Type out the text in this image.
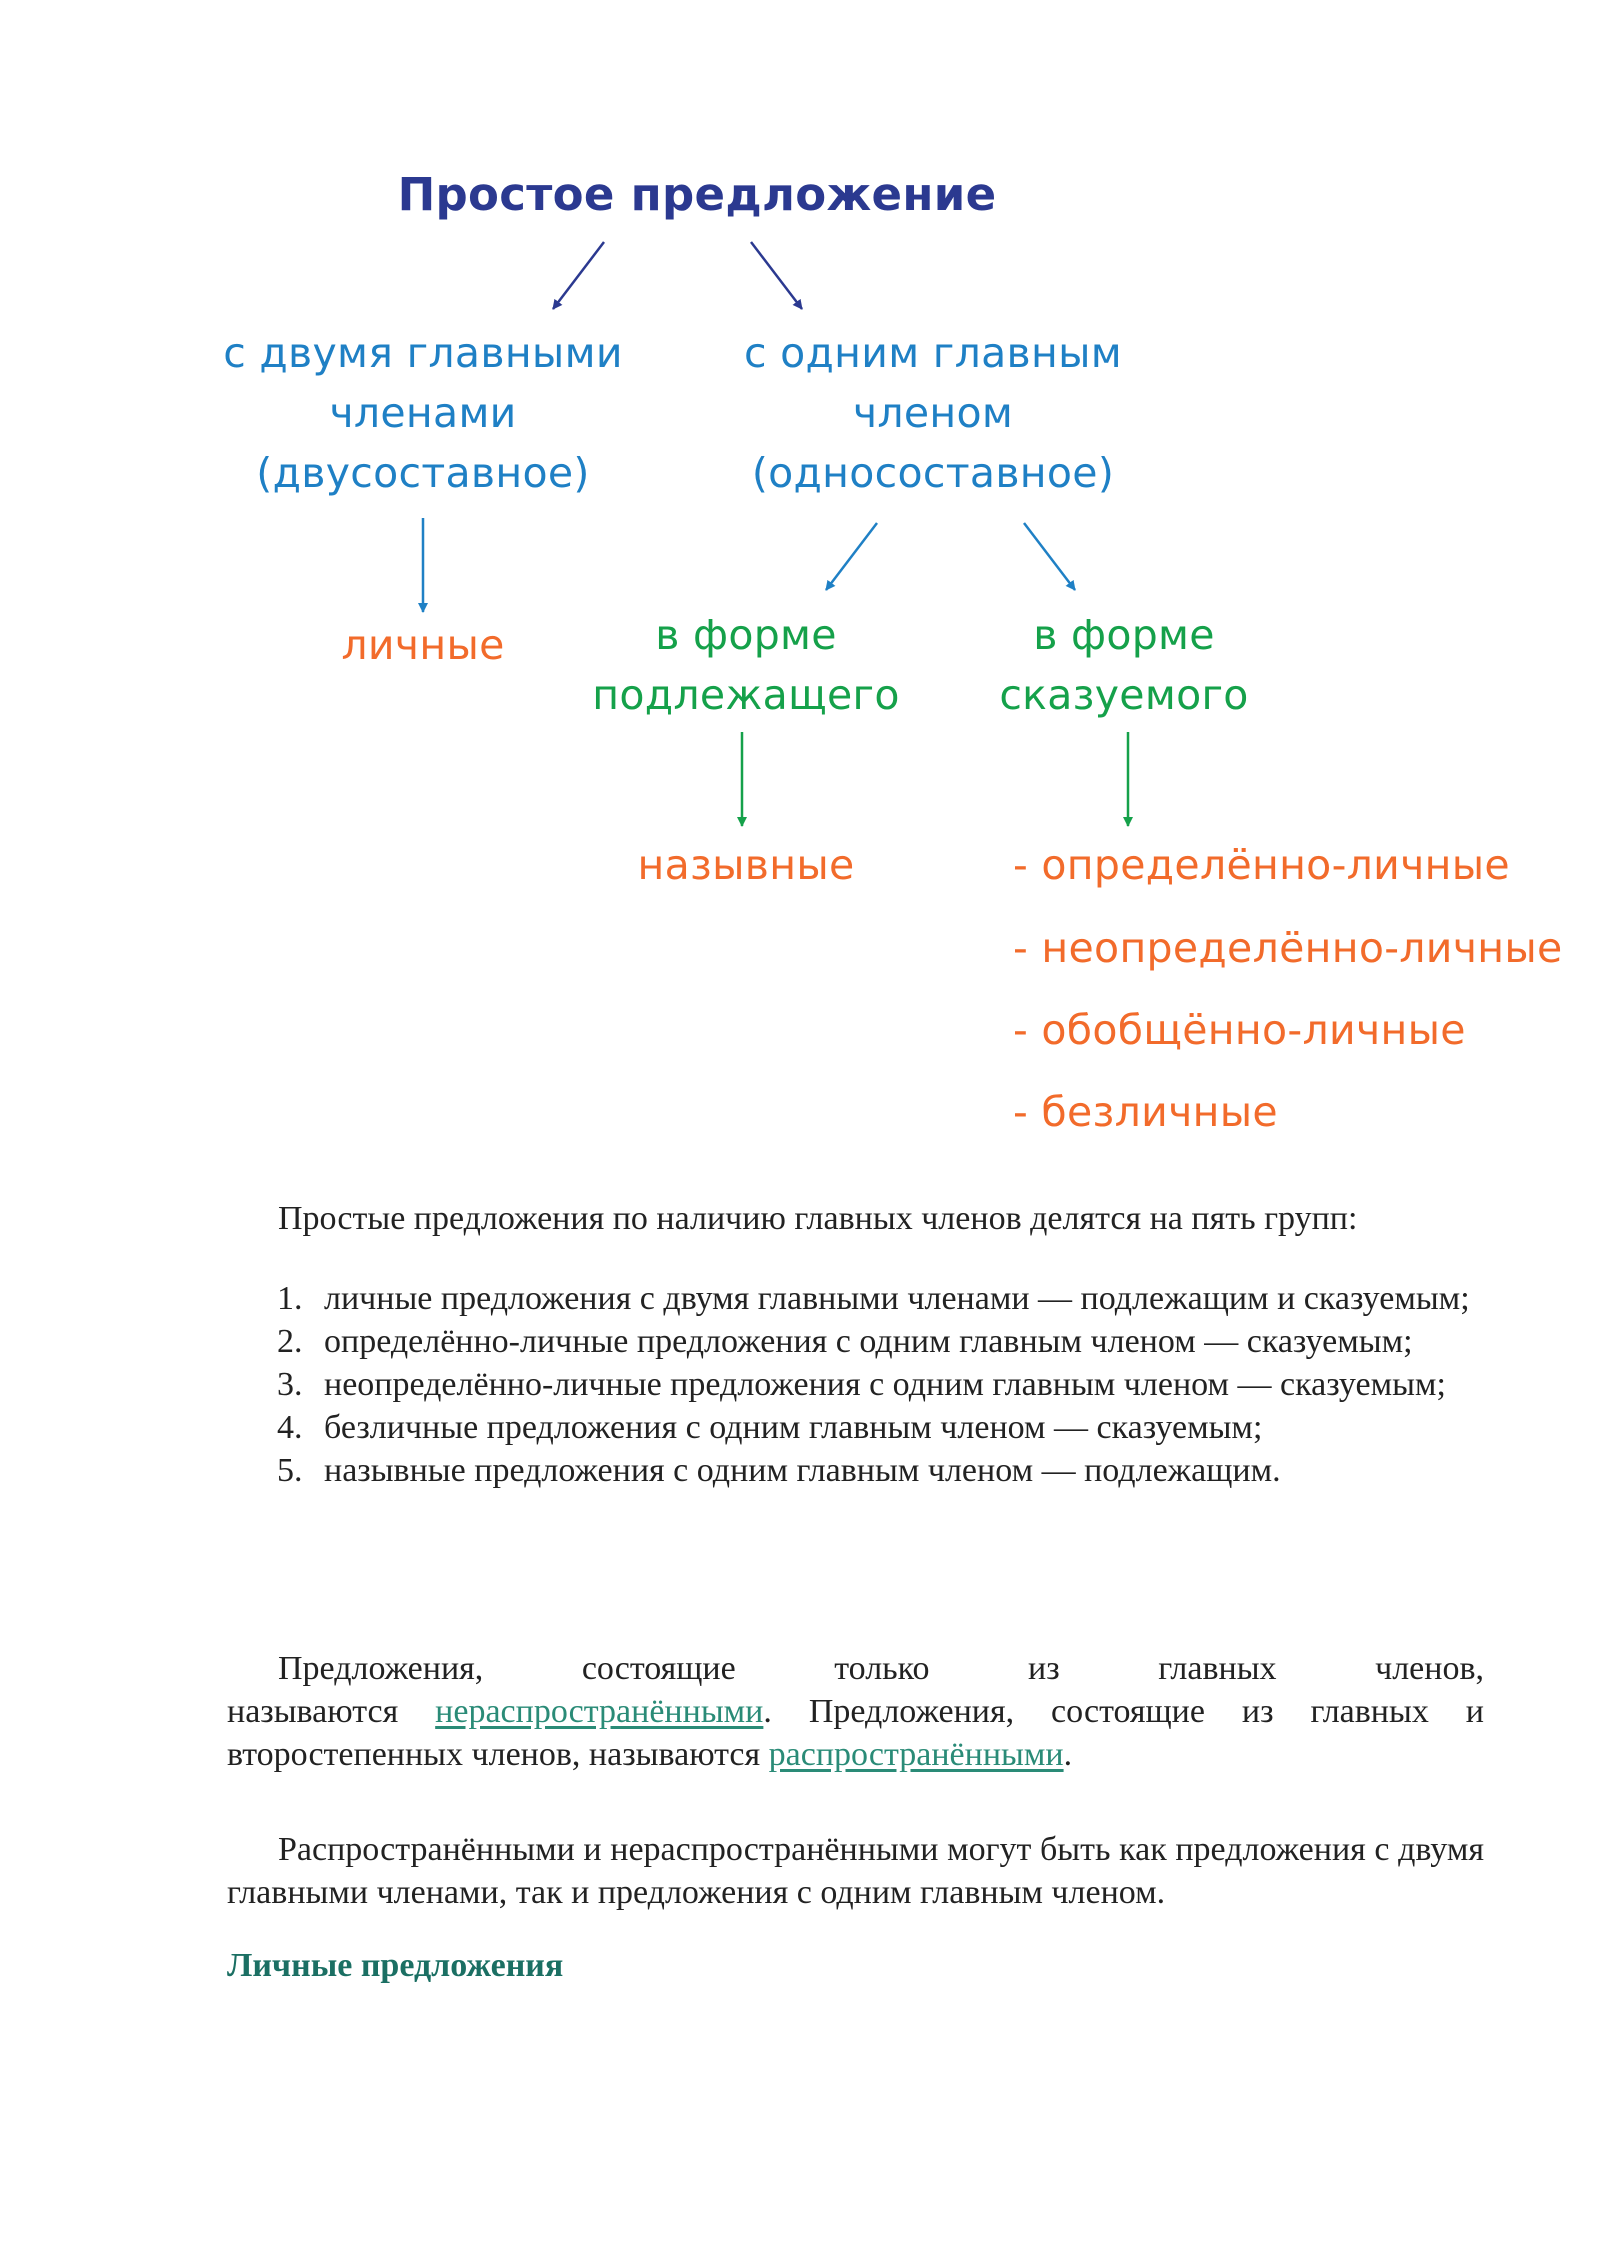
Простое предложение
с двумя главными
членами
(двусоставное)
с одним главным
членом
(односоставное)
личные	в форме
подлежащего
в форме
сказуемого
назывные	- определённо-личные
- неопределённо-личные
- обобщённо-личные
- безличные

Простые предложения по наличию главных членов делятся на пять групп:

1. личные предложения с двумя главными членами — подлежащим и сказуемым;
2. определённо-личные предложения с одним главным членом — сказуемым;
3. неопределённо-личные предложения с одним главным членом — сказуемым;
4. безличные предложения с одним главным членом — сказуемым;
5. назывные предложения с одним главным членом — подлежащим.
Предложения,	состоящие	только	из	главных	членов,

называются нераспространёнными. Предложения, состоящие из главных и второстепенных членов, называются распространёнными.

Распространёнными и нераспространёнными могут быть как предложения с двумя главными членами, так и предложения с одним главным членом.

Личные предложения
